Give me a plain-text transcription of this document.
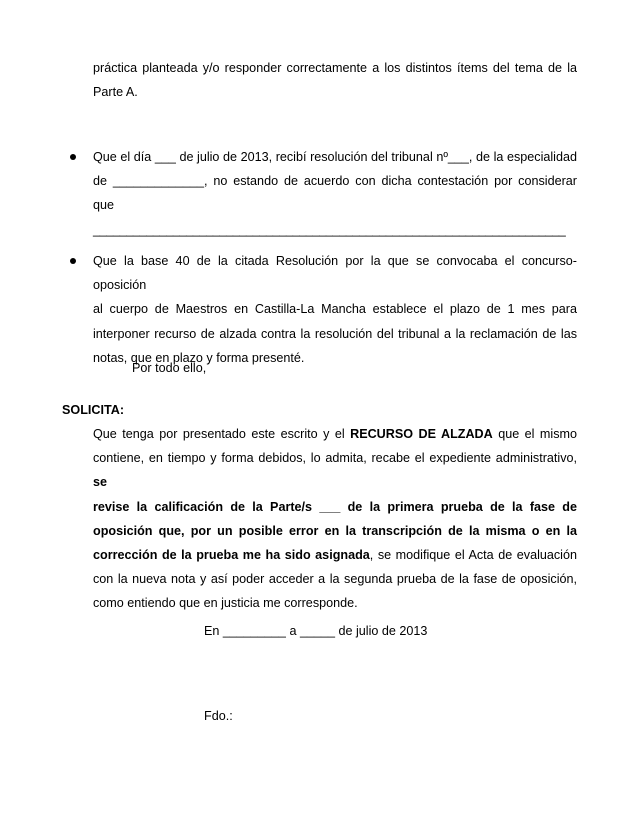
práctica planteada y/o responder correctamente a los distintos ítems del tema de la
Parte A.
Que el día ___ de julio de 2013, recibí resolución del tribunal nº___, de la especialidad
de _____________, no estando de acuerdo con dicha contestación por considerar que
_______________________________________________________________________
Que la base 40 de la citada Resolución por la que se convocaba el concurso-oposición
al cuerpo de Maestros en Castilla-La Mancha establece el plazo de 1 mes para
interponer recurso de alzada contra la resolución del tribunal a la reclamación de las
notas, que en plazo y forma presenté.

Por todo ello,

SOLICITA:

Que tenga por presentado este escrito y el RECURSO DE ALZADA que el mismo
contiene, en tiempo y forma debidos, lo admita, recabe el expediente administrativo, se
revise la calificación de la Parte/s ___ de la primera prueba de la fase de
oposición que, por un posible error en la transcripción de la misma o en la
corrección de la prueba me ha sido asignada, se modifique el Acta de evaluación
con la nueva nota y así poder acceder a la segunda prueba de la fase de oposición,
como entiendo que en justicia me corresponde.

En _________ a _____ de julio de 2013

Fdo.:
